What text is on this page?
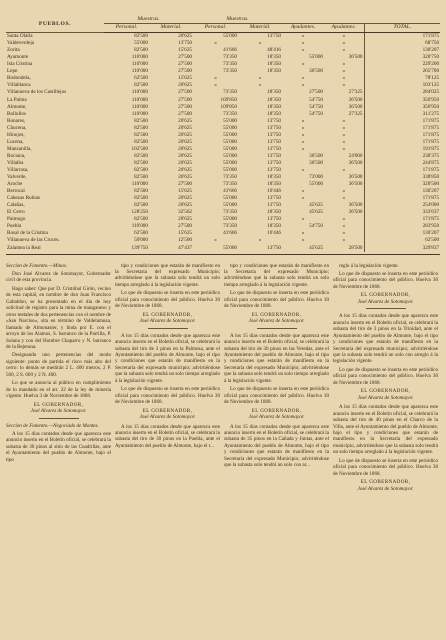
PUEBLOS.	Muestras.		Muestras.				
	Personal.	Material.	Personal.	Materiál.	Ayudantes.	Ayudantes.	TOTAL.
Santa Olalla	82'500	20'625	55'000	13'750	»	»	171'875
Valdeverdeja	55'000	13'750	»	»	»	»	68'750
Zorita	82'500	15'625	41'666	48'416	»	»	130'207
Ayamonte	110'000	27'500	73'350	18'350	55'000	36'500	320'750
Isla Cristina	110'000	27'500	73'350	18'350	»	»	229'200
Lepe	110'000	27'500	73'350	18'350	36'500	»	265'700
Bodondela,	62'500	15'625	»	»	»	»	78'125
Villablanca	82'500	20'625	»	»	»	»	103'125
Villanueva de los Castillejos	110'000	27'500	73'350	18'350	27'500	27'325	284'025
La Palma	110'000	27'500	109'850	18'350	54'750	36'500	356'950
Almonte,	110'000	27'500	109'850	18'350	54'750	36'500	356'950
Bollullos	110'000	27'500	73'350	18'350	54'750	27'325	311'275
Bonares,	82'500	20'625	55'000	13'750	»	»	171'875
Chucena,	82'500	20'625	55'000	13'750	»	»	171'875
Hinojos,	82'500	20'625	55'000	13'750	»	»	171'875
Lucena,	82'500	20'625	55'000	13'750	»	»	171'875
Manzanilla,	102'500	20'625	55'000	13'750	»	»	191'875
Rociana,	82'500	20'625	55'000	13'750	36'500	24'000	238'375
Villalba	82'500	20'625	55'000	13'750	36'500	36'500	244'875
Villarrasa,	82'500	20'625	55'000	13'750	»	»	171'875
Valverde,	82'500	20'625	73'350	18'350	73'000	36'500	338'850
Aroche	110'000	27'500	73'350	18'350	55'000	36'500	320'500
Berrocal	82'500	15'625	41'666	10'446	»	»	130'207
Cabezas Rubias	82'500	20'625	55'000	13'750	»	»	171'875
Calañas,	82'500	20'625	55'000	13'750	45'625	36'500	254'000
El Cerro	128'250	32'562	73'350	18'350	45'625	36'500	333'637
Paimogo	82'500	20'625	55'000	13'750	»	»	171'875
Puebla	110'000	27'500	73'350	18'350	54'750	»	283'950
Rosal de la Cristina	62'500	15'625	41'666	10'446	»	»	130'207
Villanueva de las Cruces.	50'000	12'500	»	»	»	»	62'500
Zalamea la Real	139'750	47'437	55'000	13'750	45'625	28'500	329'837

Seccion de Fomento.—Minas.

Don José Alvarez de Sotomayor, Gobernador civil de esta provincia.

Hago saber: Que por D. Cristóbal Girón, vecino de esta capital, en nombre de don Juan Francisco Gabaldon, se ha presentado en el dia de hoy solicitud de registro para la mina de manganeso y otros metales de dos pertenencias con el nombre de «San Narciso», sita en término de Valdelamusa, llamado de Almonaster, y linda por E. con el arroyo de los Alamos, S. barranco de la Parrilla, P. Solana y con del Hombre Chaparro y N. barranco de la Bejerana.

Designando uno pertenencias del modo siguiente: punto de partida el risco más alto del cerro: lo demás se medirán 2 L. 400 metros, 2 P. 500, 2 S. 600 y 2 N. 400.

Lo que se anuncia al público en cumplimiento de lo mandado en el art. 22 de la ley de minería vigente. Huelva 3 de Noviembre de 1868.

EL GOBERNADOR,

José Alvarez de Sotomayor.

Seccion de Fomento.—Negociado de Montes.

A los 15 días contados desde que aparezca este anuncio inserto en el Boletín oficial, se celebrará la subasta de 30 pinos al sitio de las Cuadrillas, ante el Ayuntamiento del pueblo de Almonte, bajo el tipo

tipo y condiciones que estarán de manifiesto en la Secretaría del expresado Municipio; advirtiéndose que la subasta solo tendrá un solo tiempo arreglado á la legislación vigente.

Lo que de dispuesto se inserta en este periódico oficial para conocimiento del público. Huelva 30 de Noviembre de 1868.

EL GOBERNADOR,

José Alvarez de Sotomayor.

A los 15 días contados desde que aparezca este anuncio inserto en el Boletín oficial, se celebrará la subasta del tiro de 3 pinos en la Palmosa, ante el Ayuntamiento del pueblo de Almonte, bajo el tipo y condiciones que estarán de manifiesto en la Secretaría del expresado municipio; advirtiéndose que la subasta solo tendrá un solo tiempo arreglado á la legislación vigente.

Lo que de dispuesto se inserta en este periódico oficial para conocimiento del público. Huelva 30 de Noviembre de 1868.

EL GOBERNADOR,

José Alvarez de Sotomayor.

A los 15 días contados desde que aparezca este anuncio inserto en el Boletín oficial, se celebrará la subasta del tiro de 30 pinos en la Puebla, ante el Ayuntamiento del pueblo de Almonte, bajo el t...

tipo y condiciones que estarán de manifiesto en la Secretaría del expresado Municipio; advirtiéndose que la subasta solo tendrá un solo tiempo arreglado á la legislación vigente.

Lo que de dispuesto se inserta en este periódico oficial para conocimiento del público. Huelva 30 de Noviembre de 1868.

EL GOBERNADOR,

José Alvarez de Sotomayor.

A los 15 días contados desde que aparezca este anuncio inserto en el Boletín oficial, se celebrará la subasta del tiro de 30 pinos en las Veredas, ante el Ayuntamiento del pueblo de Almonte, bajo el tipo y condiciones que estarán de manifiesto en la Secretaría del expresado Municipio; advirtiéndose que la subasta solo tendrá un solo tiempo arreglado á la legislación vigente.

Lo que de dispuesto se inserta en este periódico oficial para conocimiento del público. Huelva 30 de Noviembre de 1868.

EL GOBERNADOR,

José Alvarez de Sotomayor.

A los 15 días contados desde que aparezca este anuncio inserto en el Boletín oficial, se celebrará la subasta de 35 pinos en la Cañada y Juntas, ante el Ayuntamiento del pueblo de Almonte, bajo el tipo y condiciones que estarán de manifiesto en la Secretaría del expresado Municipio; advirtiéndose que la subasta solo tendrá un solo con ar...

reglo á la legislación vigente.

Lo que de dispuesto se inserta en este periódico oficial para conocimiento del público. Huelva 30 de Noviembre de 1868.

EL GOBERNADOR,

José Alvarez de Sotomayor.

A los 15 días contados desde que aparezca este anuncio inserto en el Boletín oficial, se celebrará la subasta del tiro de 3 pinos en la Trinidad, ante el Ayuntamiento del pueblo de Almonte, bajo el tipo y condiciones que estarán de manifiesto en la Secretaría del expresado municipio; advirtiéndose que la subasta solo tendrá un solo con arreglo á la legislación vigente.

Lo que de dispuesto se inserta en este periódico oficial para conocimiento del público. Huelva 30 de Noviembre de 1868.

EL GOBERNADOR,

José Alvarez de Sotomayor.

A los 15 días contados desde que aparezca este anuncio inserto en el Boletín oficial, se celebrará la subasta del tiro de 40 pinos en el Charco de la Villa, ante el Ayuntamiento del pueblo de Almonte, bajo el tipo y condiciones que estarán de manifiesto en la Secretaría del expresado municipio, advirtiéndose que la subasta solo tendrá un solo tiempo arreglado á la legislación vigente.

Lo que de dispuesto se inserta en este periódico oficial para conocimiento del público. Huelva 30 de Noviembre de 1868.

EL GOBERNADOR,

José Alvarez de Sotomayor.
